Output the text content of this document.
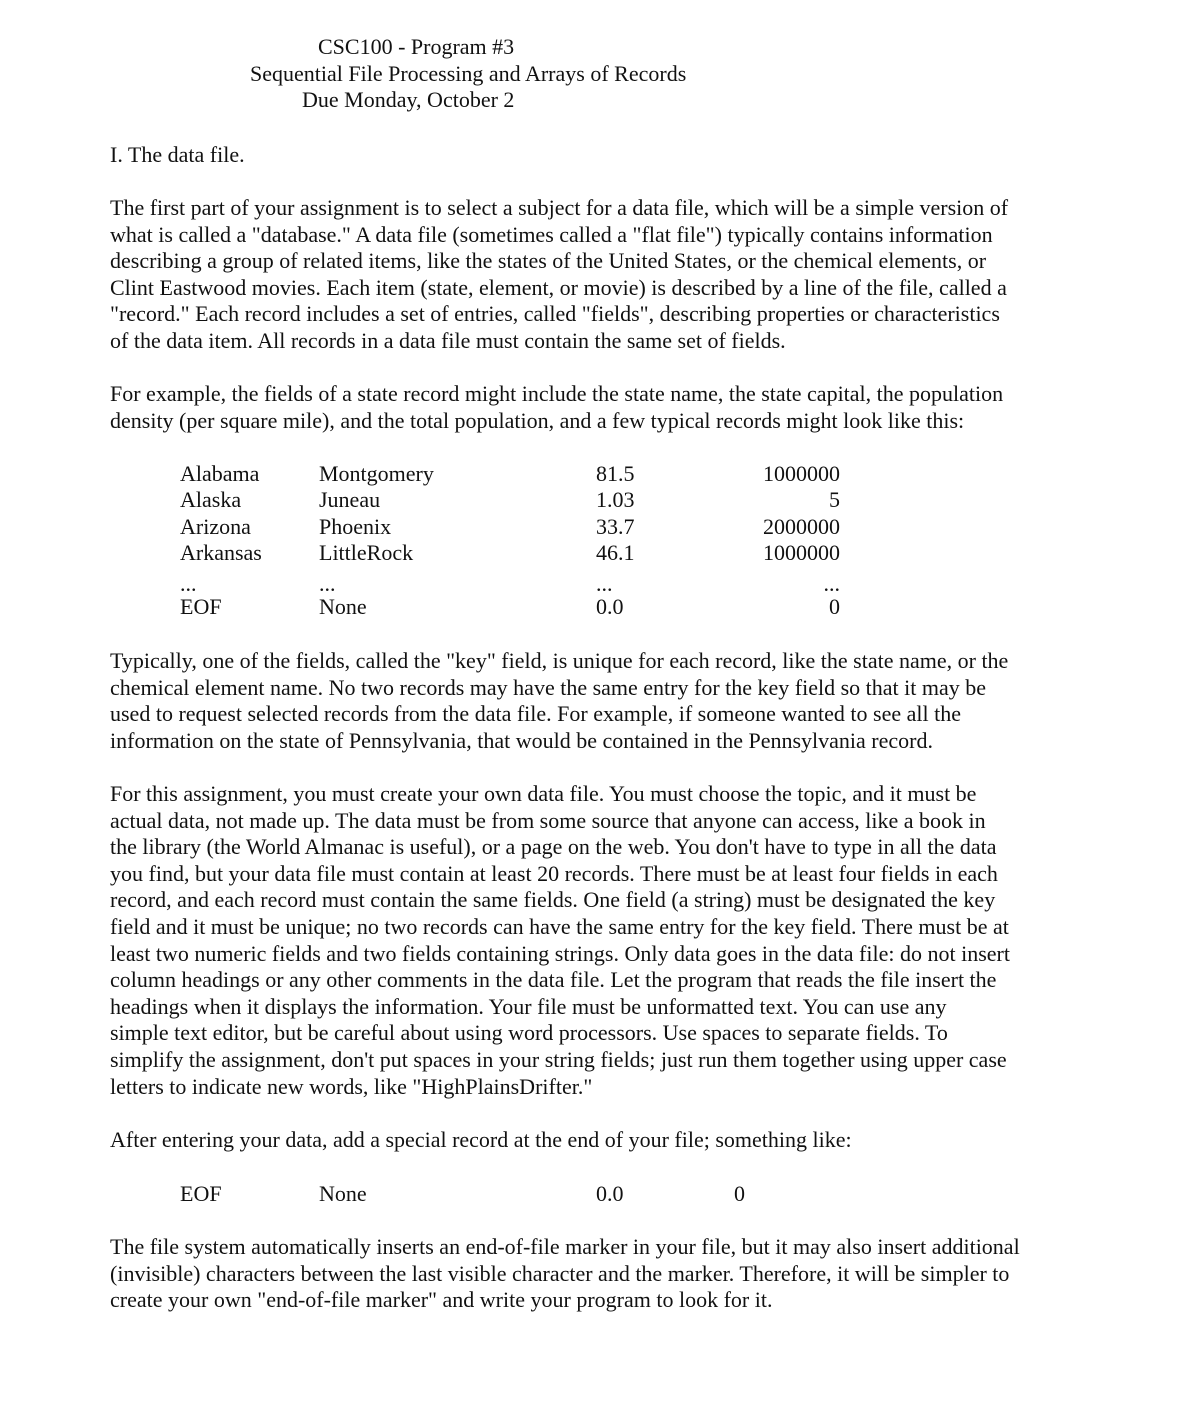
CSC100 - Program #3
Sequential File Processing and Arrays of Records
Due Monday, October 2
I. The data file.
The first part of your assignment is to select a subject for a data file, which will be a simple version of
what is called a "database." A data file (sometimes called a "flat file") typically contains information
describing a group of related items, like the states of the United States, or the chemical elements, or
Clint Eastwood movies. Each item (state, element, or movie) is described by a line of the file, called a
"record." Each record includes a set of entries, called "fields", describing properties or characteristics
of the data item. All records in a data file must contain the same set of fields.
For example, the fields of a state record might include the state name, the state capital, the population
density (per square mile), and the total population, and a few typical records might look like this:
Alabama	Montgomery	81.5	1000000
Alaska	Juneau	1.03	5
Arizona	Phoenix	33.7	2000000
Arkansas	LittleRock	46.1	1000000
...	...	...	...
EOF	None	0.0	0
Typically, one of the fields, called the "key" field, is unique for each record, like the state name, or the
chemical element name. No two records may have the same entry for the key field so that it may be
used to request selected records from the data file. For example, if someone wanted to see all the
information on the state of Pennsylvania, that would be contained in the Pennsylvania record.
For this assignment, you must create your own data file. You must choose the topic, and it must be
actual data, not made up. The data must be from some source that anyone can access, like a book in
the library (the World Almanac is useful), or a page on the web. You don't have to type in all the data
you find, but your data file must contain at least 20 records. There must be at least four fields in each
record, and each record must contain the same fields. One field (a string) must be designated the key
field and it must be unique; no two records can have the same entry for the key field. There must be at
least two numeric fields and two fields containing strings. Only data goes in the data file: do not insert
column headings or any other comments in the data file. Let the program that reads the file insert the
headings when it displays the information. Your file must be unformatted text. You can use any
simple text editor, but be careful about using word processors. Use spaces to separate fields. To
simplify the assignment, don't put spaces in your string fields; just run them together using upper case
letters to indicate new words, like "HighPlainsDrifter."
After entering your data, add a special record at the end of your file; something like:
EOF	None	0.0	0
The file system automatically inserts an end-of-file marker in your file, but it may also insert additional
(invisible) characters between the last visible character and the marker. Therefore, it will be simpler to
create your own "end-of-file marker" and write your program to look for it.
